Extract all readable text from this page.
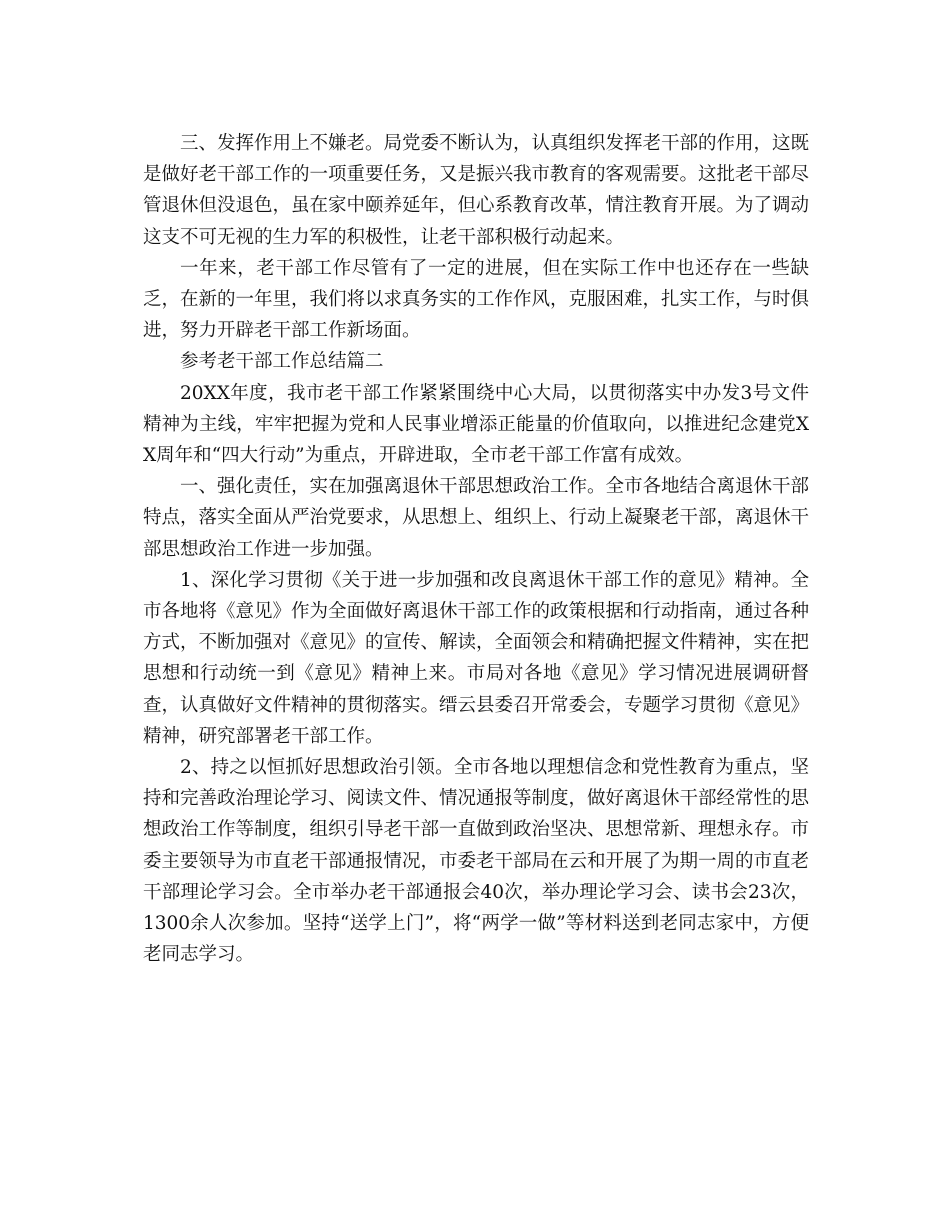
三、发挥作用上不嫌老。局党委不断认为，认真组织发挥老干部的作用，这既是做好老干部工作的一项重要任务，又是振兴我市教育的客观需要。这批老干部尽管退休但没退色，虽在家中颐养延年，但心系教育改革，情注教育开展。为了调动这支不可无视的生力军的积极性，让老干部积极行动起来。

一年来，老干部工作尽管有了一定的进展，但在实际工作中也还存在一些缺乏，在新的一年里，我们将以求真务实的工作作风，克服困难，扎实工作，与时俱进，努力开辟老干部工作新场面。

参考老干部工作总结篇二

20XX年度，我市老干部工作紧紧围绕中心大局，以贯彻落实中办发3号文件精神为主线，牢牢把握为党和人民事业增添正能量的价值取向，以推进纪念建党XX周年和“四大行动”为重点，开辟进取，全市老干部工作富有成效。

一、强化责任，实在加强离退休干部思想政治工作。全市各地结合离退休干部特点，落实全面从严治党要求，从思想上、组织上、行动上凝聚老干部，离退休干部思想政治工作进一步加强。

1、深化学习贯彻《关于进一步加强和改良离退休干部工作的意见》精神。全市各地将《意见》作为全面做好离退休干部工作的政策根据和行动指南，通过各种方式，不断加强对《意见》的宣传、解读，全面领会和精确把握文件精神，实在把思想和行动统一到《意见》精神上来。市局对各地《意见》学习情况进展调研督查，认真做好文件精神的贯彻落实。缙云县委召开常委会，专题学习贯彻《意见》精神，研究部署老干部工作。

2、持之以恒抓好思想政治引领。全市各地以理想信念和党性教育为重点，坚持和完善政治理论学习、阅读文件、情况通报等制度，做好离退休干部经常性的思想政治工作等制度，组织引导老干部一直做到政治坚决、思想常新、理想永存。市委主要领导为市直老干部通报情况，市委老干部局在云和开展了为期一周的市直老干部理论学习会。全市举办老干部通报会40次，举办理论学习会、读书会23次，1300余人次参加。坚持“送学上门”，将“两学一做”等材料送到老同志家中，方便老同志学习。
